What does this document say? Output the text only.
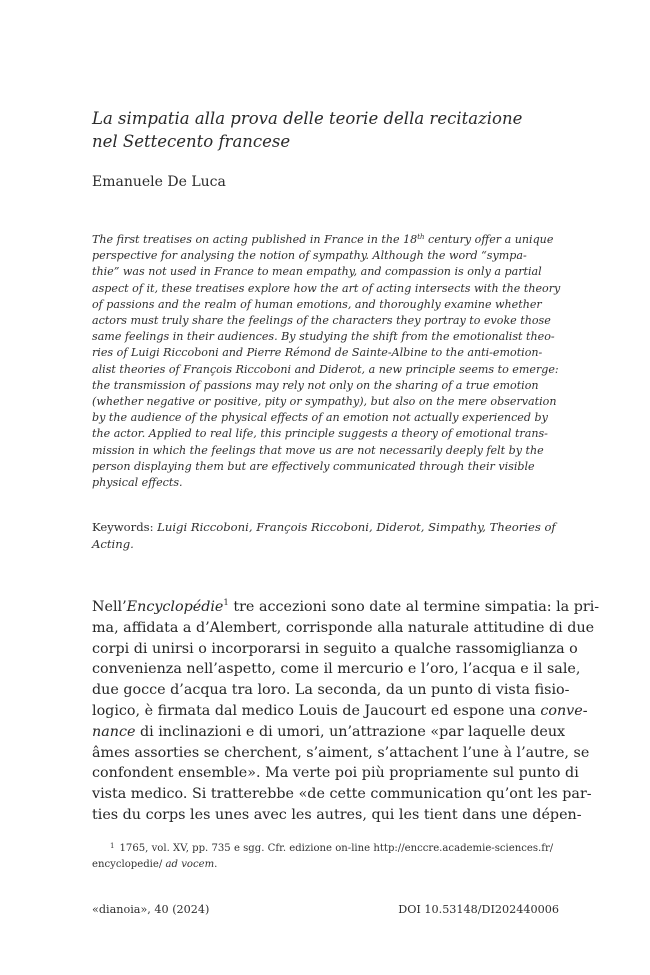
La simpatia alla prova delle teorie della recitazione
nel Settecento francese
Emanuele De Luca
The first treatises on acting published in France in the 18th century offer a unique
perspective for analysing the notion of sympathy. Although the word “sympa-
thie” was not used in France to mean empathy, and compassion is only a partial
aspect of it, these treatises explore how the art of acting intersects with the theory
of passions and the realm of human emotions, and thoroughly examine whether
actors must truly share the feelings of the characters they portray to evoke those
same feelings in their audiences. By studying the shift from the emotionalist theo-
ries of Luigi Riccoboni and Pierre Rémond de Sainte-Albine to the anti-emotion-
alist theories of François Riccoboni and Diderot, a new principle seems to emerge:
the transmission of passions may rely not only on the sharing of a true emotion
(whether negative or positive, pity or sympathy), but also on the mere observation
by the audience of the physical effects of an emotion not actually experienced by
the actor. Applied to real life, this principle suggests a theory of emotional trans-
mission in which the feelings that move us are not necessarily deeply felt by the
person displaying them but are effectively communicated through their visible
physical effects.
Keywords: Luigi Riccoboni, François Riccoboni, Diderot, Simpathy, Theories of
Acting.
Nell’Encyclopédie$^1$ tre accezioni sono date al termine simpatia: la pri-
ma, affidata a d’Alembert, corrisponde alla naturale attitudine di due
corpi di unirsi o incorporarsi in seguito a qualche rassomiglianza o
convenienza nell’aspetto, come il mercurio e l’oro, l’acqua e il sale,
due gocce d’acqua tra loro. La seconda, da un punto di vista fisio-
logico, è firmata dal medico Louis de Jaucourt ed espone una conve-
nance di inclinazioni e di umori, un’attrazione «par laquelle deux
âmes assorties se cherchent, s’aiment, s’attachent l’une à l’autre, se
confondent ensemble». Ma verte poi più propriamente sul punto di
vista medico. Si tratterebbe «de cette communication qu’ont les par-
ties du corps les unes avec les autres, qui les tient dans une dépen-
$^1$ 1765, vol. XV, pp. 735 e sgg. Cfr. edizione on-line http://enccre.academie-sciences.fr/
encyclopedie/ ad vocem.
«dianoia», 40 (2024)	DOI 10.53148/DI202440006
